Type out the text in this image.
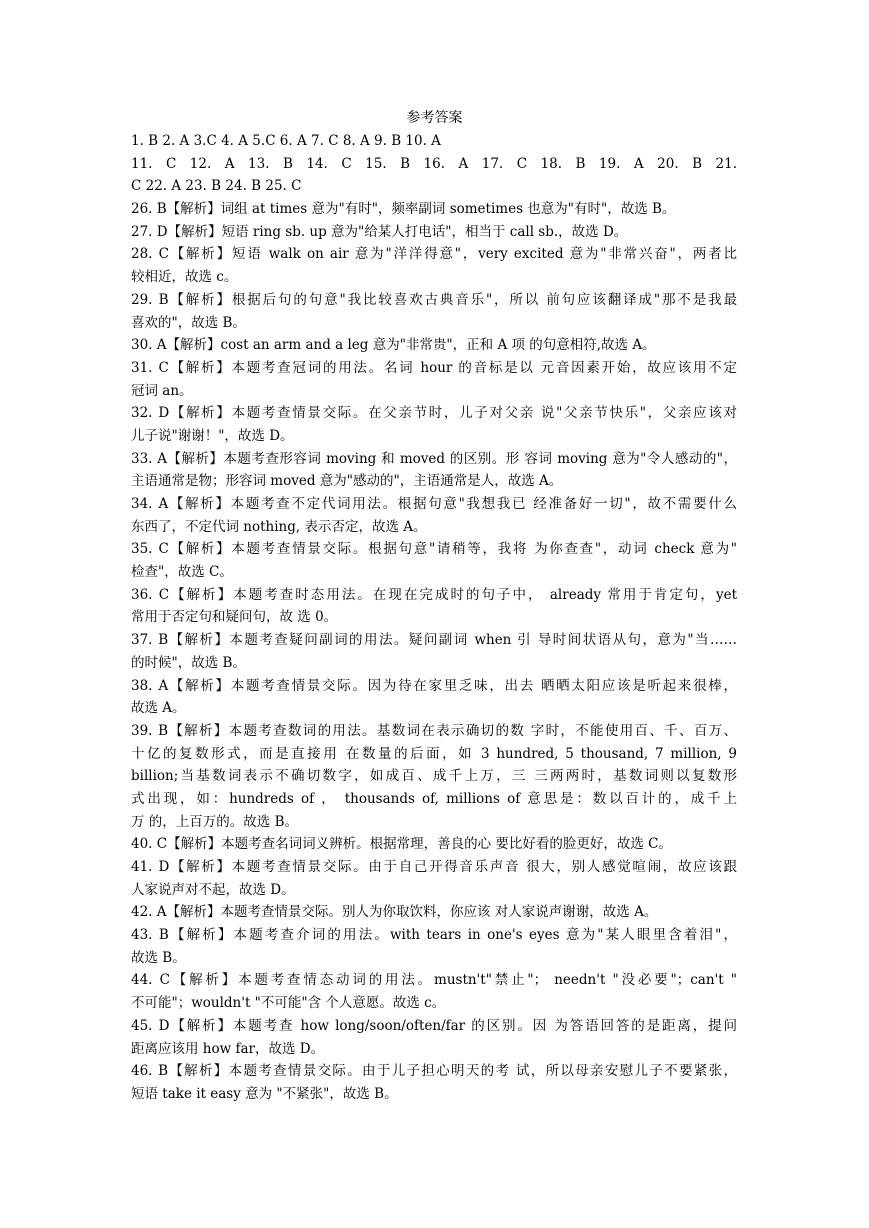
参考答案
1. B 2. A 3.C 4. A 5.C 6. A 7. C 8. A 9. B 10. A
11. C 12. A 13. B 14. C 15. B 16. A 17. C 18. B 19. A 20. B 21.
C 22. A 23. B 24. B 25. C
26. B【解析】词组 at times 意为"有时"，频率副词 sometimes 也意为"有时"，故选 B。
27. D【解析】短语 ring sb. up 意为"给某人打电话"，相当于 call sb.，故选 D。
28. C【解析】短语 walk on air 意为"洋洋得意"，very excited 意为"非常兴奋"，两者比
较相近，故选 c。
29. B【解析】根据后句的句意"我比较喜欢古典音乐"，所以 前句应该翻译成"那不是我最
喜欢的"，故选 B。
30. A【解析】cost an arm and a leg 意为"非常贵"，正和 A 项 的句意相符,故选 A。
31. C【解析】本题考查冠词的用法。名词 hour 的音标是以 元音因素开始，故应该用不定
冠词 an。
32. D【解析】本题考查情景交际。在父亲节时，儿子对父亲 说"父亲节快乐"，父亲应该对
儿子说"谢谢！"，故选 D。
33. A【解析】本题考查形容词 moving 和 moved 的区别。形 容词 moving 意为"令人感动的"，
主语通常是物；形容词 moved 意为"感动的"，主语通常是人，故选 A。
34. A【解析】本题考查不定代词用法。根据句意"我想我已 经准备好一切"，故不需要什么
东西了，不定代词 nothing, 表示否定，故选 A。
35. C【解析】本题考查情景交际。根据句意"请稍等，我将 为你查查"，动词 check 意为"
检查"，故选 C。
36. C【解析】本题考查时态用法。在现在完成时的句子中， already 常用于肯定句，yet
常用于否定句和疑问句，故 选 0。
37. B【解析】本题考查疑问副词的用法。疑问副词 when 引 导时间状语从句，意为"当……
的时候"，故选 B。
38. A【解析】本题考查情景交际。因为待在家里乏味，出去 晒晒太阳应该是听起来很棒，
故选 A。
39. B【解析】本题考查数词的用法。基数词在表示确切的数 字时，不能使用百、千、百万、
十亿的复数形式，而是直接用 在数量的后面，如 3 hundred, 5 thousand, 7 million, 9
billion;当基数词表示不确切数字，如成百、成千上万，三 三两两时，基数词则以复数形
式出现，如：hundreds of ， thousands of, millions of 意思是：数以百计的，成千上
万 的，上百万的。故选 B。
40. C【解析】本题考查名词词义辨析。根据常理，善良的心 要比好看的脸更好，故选 C。
41. D【解析】本题考查情景交际。由于自己开得音乐声音 很大，别人感觉喧闹，故应该跟
人家说声对不起，故选 D。
42. A【解析】本题考查情景交际。别人为你取饮料，你应该 对人家说声谢谢，故选 A。
43. B【解析】本题考查介词的用法。with tears in one's eyes 意为"某人眼里含着泪"，
故选 B。
44. C【解析】本题考查情态动词的用法。mustn't"禁止"； needn't "没必要"；can't "
不可能"；wouldn't "不可能"含 个人意愿。故选 c。
45. D【解析】本题考查 how long/soon/often/far 的区别。因 为答语回答的是距离，提问
距离应该用 how far，故选 D。
46. B【解析】本题考查情景交际。由于儿子担心明天的考 试，所以母亲安慰儿子不要紧张，
短语 take it easy 意为 "不紧张"，故选 B。
